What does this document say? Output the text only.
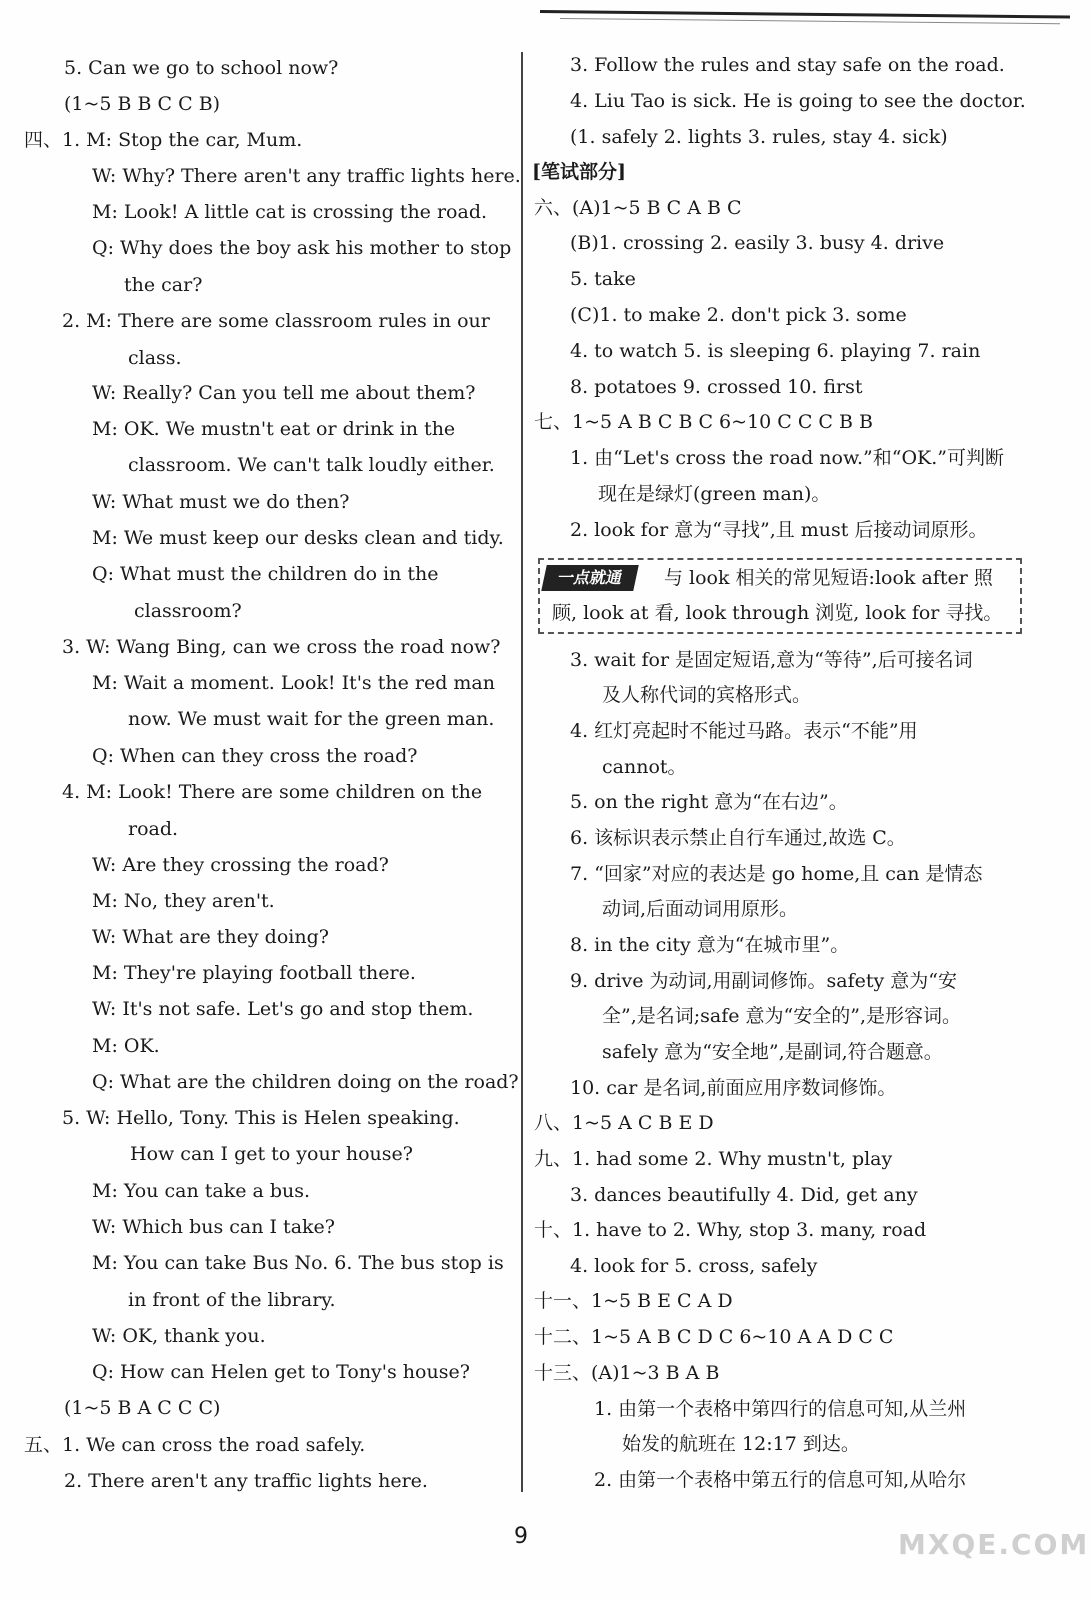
5. Can we go to school now?
(1~5 B B C C B)
四、1. M: Stop the car, Mum.
W: Why? There aren't any traffic lights here.
M: Look! A little cat is crossing the road.
Q: Why does the boy ask his mother to stop
the car?
2. M: There are some classroom rules in our
class.
W: Really? Can you tell me about them?
M: OK. We mustn't eat or drink in the
classroom. We can't talk loudly either.
W: What must we do then?
M: We must keep our desks clean and tidy.
Q: What must the children do in the
classroom?
3. W: Wang Bing, can we cross the road now?
M: Wait a moment. Look! It's the red man
now. We must wait for the green man.
Q: When can they cross the road?
4. M: Look! There are some children on the
road.
W: Are they crossing the road?
M: No, they aren't.
W: What are they doing?
M: They're playing football there.
W: It's not safe. Let's go and stop them.
M: OK.
Q: What are the children doing on the road?
5. W: Hello, Tony. This is Helen speaking.
How can I get to your house?
M: You can take a bus.
W: Which bus can I take?
M: You can take Bus No. 6. The bus stop is
in front of the library.
W: OK, thank you.
Q: How can Helen get to Tony's house?
(1~5 B A C C C)
五、1. We can cross the road safely.
2. There aren't any traffic lights here.
3. Follow the rules and stay safe on the road.
4. Liu Tao is sick. He is going to see the doctor.
(1. safely 2. lights 3. rules, stay 4. sick)
[笔试部分]
六、(A)1~5 B C A B C
(B)1. crossing 2. easily 3. busy 4. drive
5. take
(C)1. to make 2. don't pick 3. some
4. to watch 5. is sleeping 6. playing 7. rain
8. potatoes 9. crossed 10. first
七、1~5 A B C B C 6~10 C C C B B
1. 由“Let's cross the road now.”和“OK.”可判断
现在是绿灯(green man)。
2. look for 意为“寻找”,且 must 后接动词原形。
一点就通	与 look 相关的常见短语:look after 照
顾, look at 看, look through 浏览, look for 寻找。
3. wait for 是固定短语,意为“等待”,后可接名词
及人称代词的宾格形式。
4. 红灯亮起时不能过马路。表示“不能”用
cannot。
5. on the right 意为“在右边”。
6. 该标识表示禁止自行车通过,故选 C。
7. “回家”对应的表达是 go home,且 can 是情态
动词,后面动词用原形。
8. in the city 意为“在城市里”。
9. drive 为动词,用副词修饰。safety 意为“安
全”,是名词;safe 意为“安全的”,是形容词。
safely 意为“安全地”,是副词,符合题意。
10. car 是名词,前面应用序数词修饰。
八、1~5 A C B E D
九、1. had some 2. Why mustn't, play
3. dances beautifully 4. Did, get any
十、1. have to 2. Why, stop 3. many, road
4. look for 5. cross, safely
十一、1~5 B E C A D
十二、1~5 A B C D C 6~10 A A D C C
十三、(A)1~3 B A B
1. 由第一个表格中第四行的信息可知,从兰州
始发的航班在 12:17 到达。
2. 由第一个表格中第五行的信息可知,从哈尔
9	MXQE.COM
